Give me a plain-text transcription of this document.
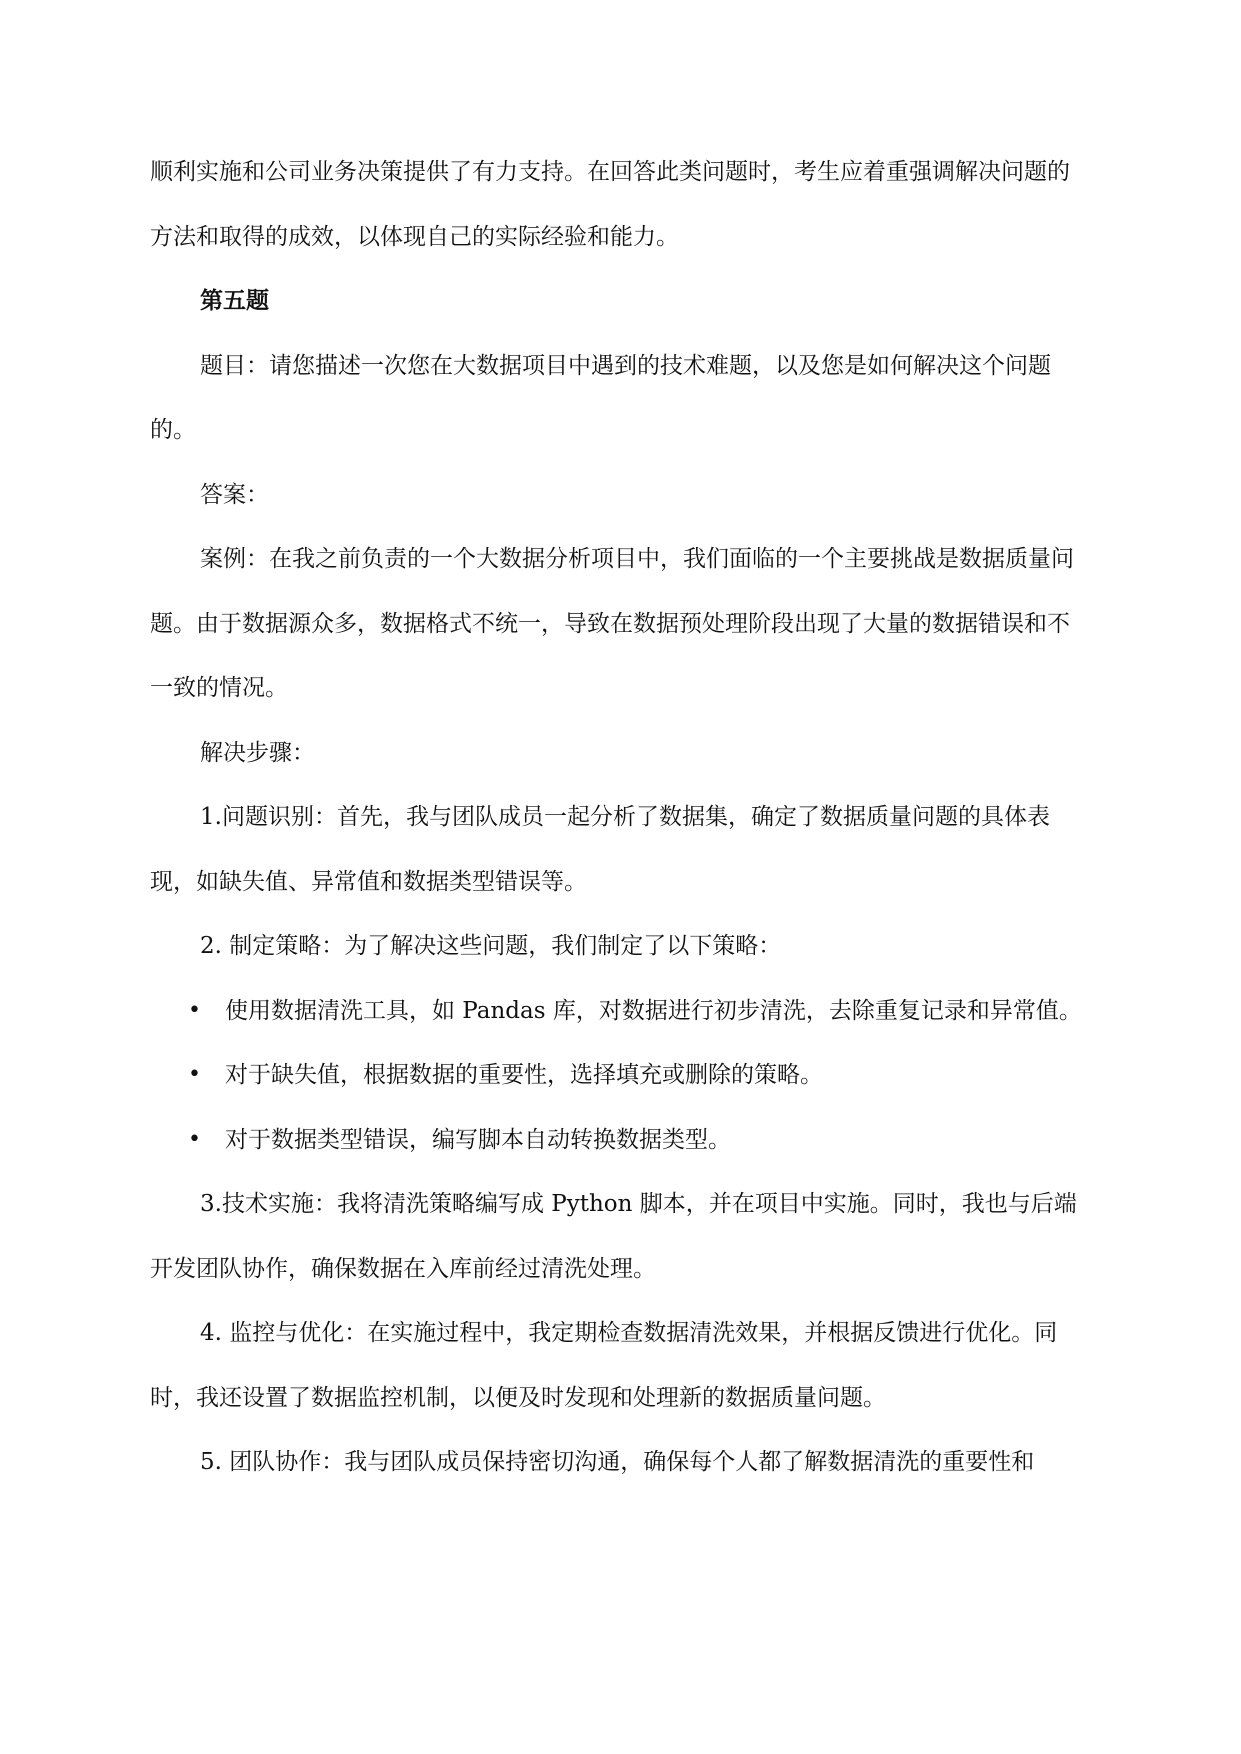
顺利实施和公司业务决策提供了有力支持。在回答此类问题时，考生应着重强调解决问题的方法和取得的成效，以体现自己的实际经验和能力。

第五题

题目：请您描述一次您在大数据项目中遇到的技术难题，以及您是如何解决这个问题的。

答案：

案例：在我之前负责的一个大数据分析项目中，我们面临的一个主要挑战是数据质量问题。由于数据源众多，数据格式不统一，导致在数据预处理阶段出现了大量的数据错误和不一致的情况。

解决步骤：

1.问题识别：首先，我与团队成员一起分析了数据集，确定了数据质量问题的具体表现，如缺失值、异常值和数据类型错误等。

2. 制定策略：为了解决这些问题，我们制定了以下策略：

• 使用数据清洗工具，如 Pandas 库，对数据进行初步清洗，去除重复记录和异常值。
• 对于缺失值，根据数据的重要性，选择填充或删除的策略。
• 对于数据类型错误，编写脚本自动转换数据类型。

3.技术实施：我将清洗策略编写成 Python 脚本，并在项目中实施。同时，我也与后端开发团队协作，确保数据在入库前经过清洗处理。

4. 监控与优化：在实施过程中，我定期检查数据清洗效果，并根据反馈进行优化。同时，我还设置了数据监控机制，以便及时发现和处理新的数据质量问题。

5. 团队协作：我与团队成员保持密切沟通，确保每个人都了解数据清洗的重要性和
